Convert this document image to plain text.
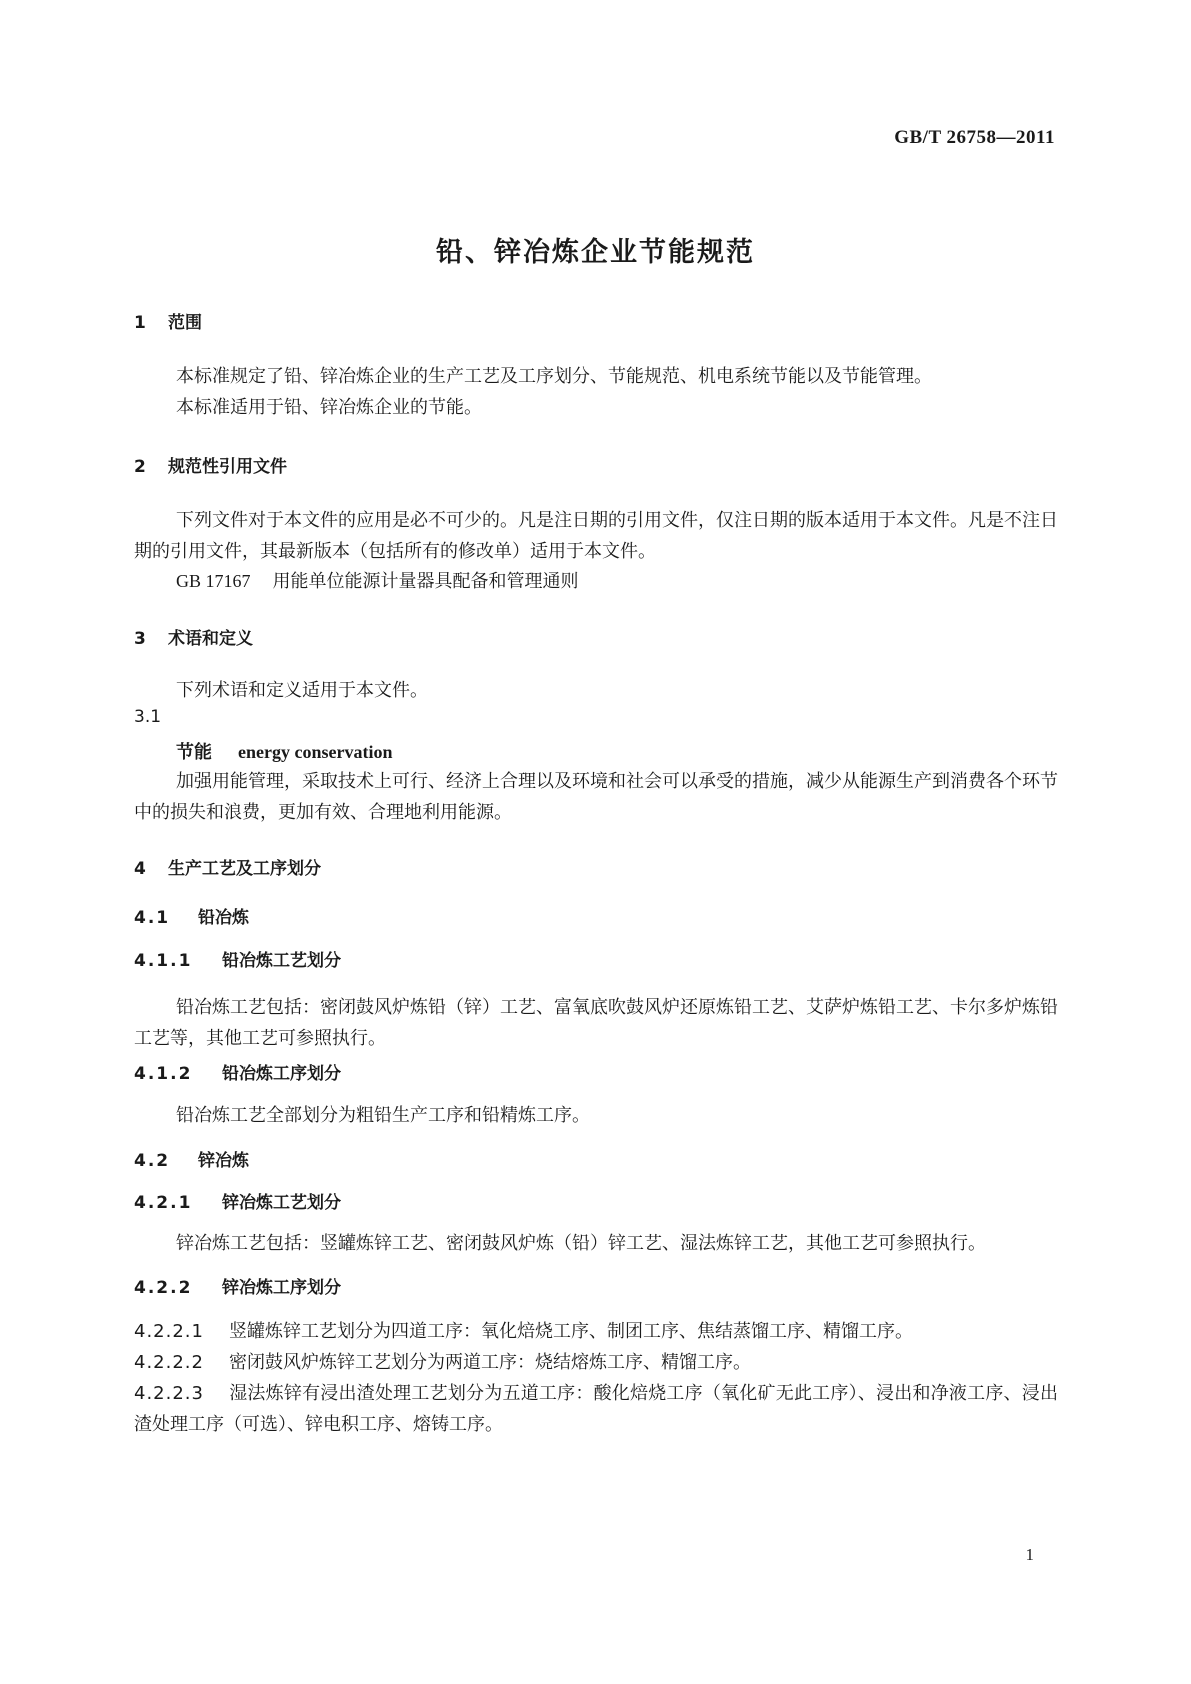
GB/T 26758—2011
铅、锌冶炼企业节能规范
1 范围
本标准规定了铅、锌冶炼企业的生产工艺及工序划分、节能规范、机电系统节能以及节能管理。
本标准适用于铅、锌冶炼企业的节能。
2 规范性引用文件
下列文件对于本文件的应用是必不可少的。凡是注日期的引用文件，仅注日期的版本适用于本文件。凡是不注日期的引用文件，其最新版本（包括所有的修改单）适用于本文件。
GB 17167 用能单位能源计量器具配备和管理通则
3 术语和定义
下列术语和定义适用于本文件。
3.1
节能 energy conservation
加强用能管理，采取技术上可行、经济上合理以及环境和社会可以承受的措施，减少从能源生产到消费各个环节中的损失和浪费，更加有效、合理地利用能源。
4 生产工艺及工序划分
4.1 铅冶炼
4.1.1 铅冶炼工艺划分
铅冶炼工艺包括：密闭鼓风炉炼铅（锌）工艺、富氧底吹鼓风炉还原炼铅工艺、艾萨炉炼铅工艺、卡尔多炉炼铅工艺等，其他工艺可参照执行。
4.1.2 铅冶炼工序划分
铅冶炼工艺全部划分为粗铅生产工序和铅精炼工序。
4.2 锌冶炼
4.2.1 锌冶炼工艺划分
锌冶炼工艺包括：竖罐炼锌工艺、密闭鼓风炉炼（铅）锌工艺、湿法炼锌工艺，其他工艺可参照执行。
4.2.2 锌冶炼工序划分
4.2.2.1 竖罐炼锌工艺划分为四道工序：氧化焙烧工序、制团工序、焦结蒸馏工序、精馏工序。
4.2.2.2 密闭鼓风炉炼锌工艺划分为两道工序：烧结熔炼工序、精馏工序。
4.2.2.3 湿法炼锌有浸出渣处理工艺划分为五道工序：酸化焙烧工序（氧化矿无此工序）、浸出和净液工序、浸出渣处理工序（可选）、锌电积工序、熔铸工序。
1
